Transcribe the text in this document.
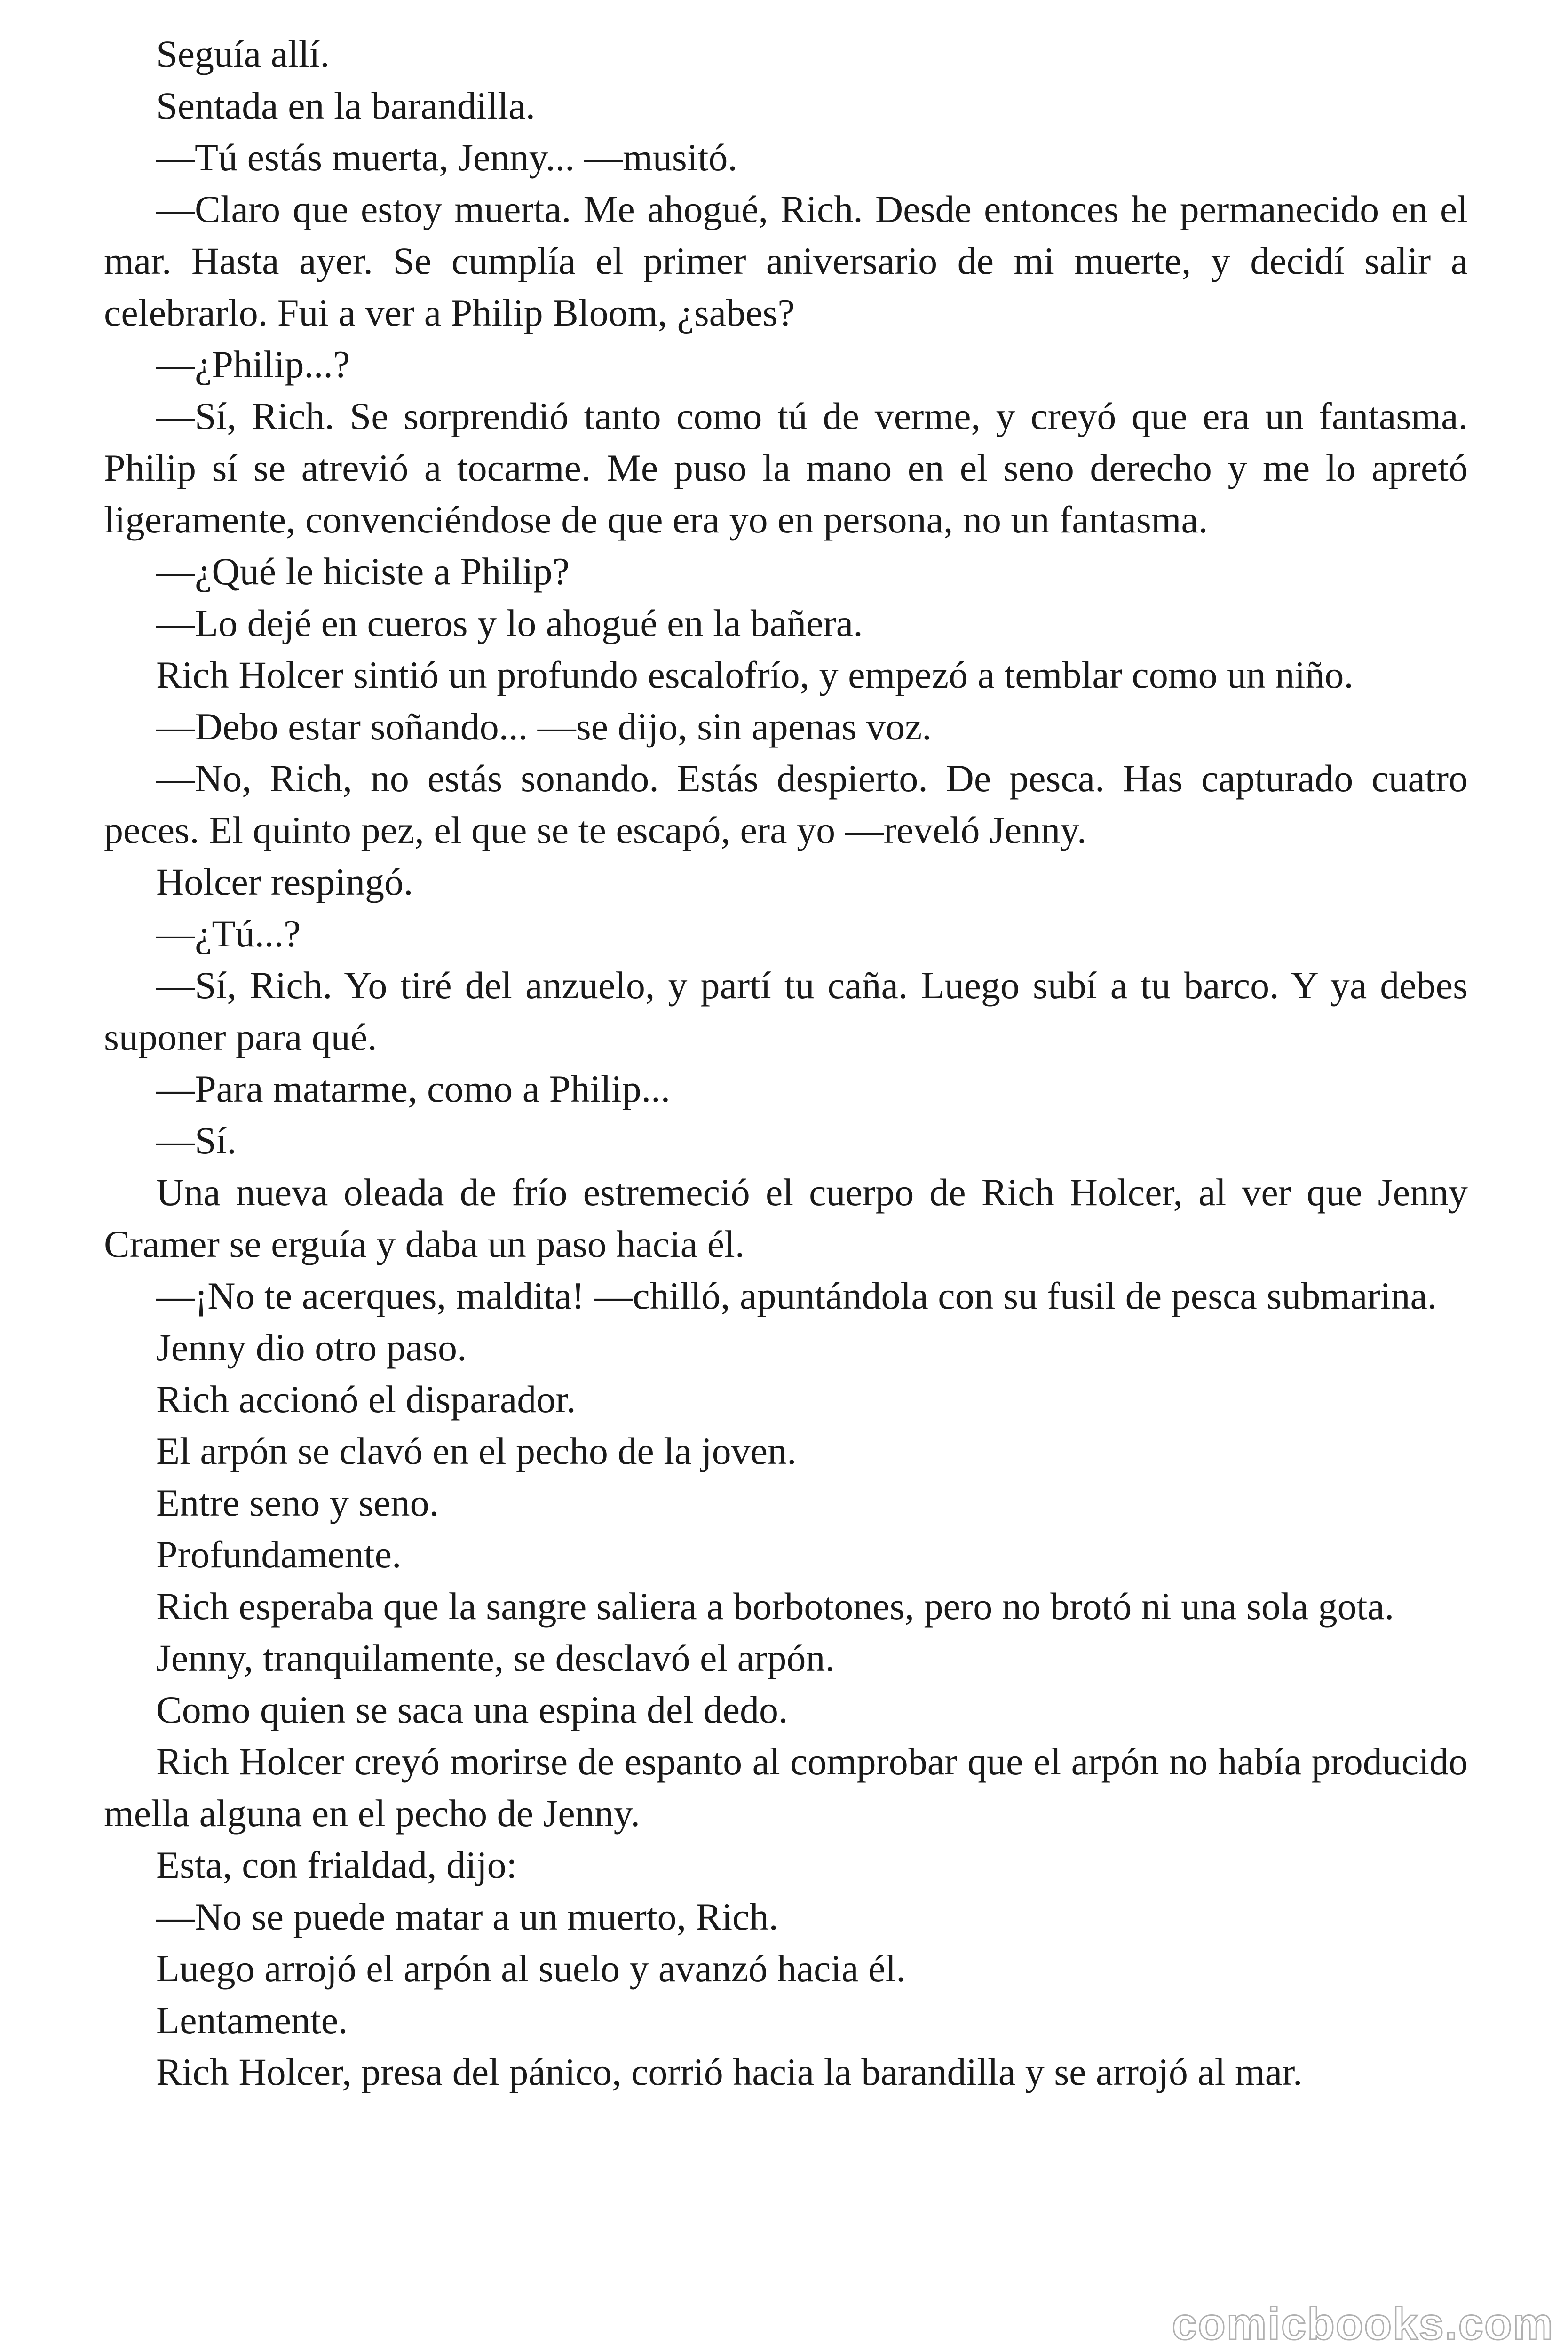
Seguía allí.

Sentada en la barandilla.

—Tú estás muerta, Jenny... —musitó.

—Claro que estoy muerta. Me ahogué, Rich. Desde entonces he permanecido en el mar. Hasta ayer. Se cumplía el primer aniversario de mi muerte, y decidí salir a celebrarlo. Fui a ver a Philip Bloom, ¿sabes?

—¿Philip...?

—Sí, Rich. Se sorprendió tanto como tú de verme, y creyó que era un fantasma. Philip sí se atrevió a tocarme. Me puso la mano en el seno derecho y me lo apretó ligeramente, convenciéndose de que era yo en persona, no un fantasma.

—¿Qué le hiciste a Philip?

—Lo dejé en cueros y lo ahogué en la bañera.

Rich Holcer sintió un profundo escalofrío, y empezó a temblar como un niño.

—Debo estar soñando... —se dijo, sin apenas voz.

—No, Rich, no estás sonando. Estás despierto. De pesca. Has capturado cuatro peces. El quinto pez, el que se te escapó, era yo —reveló Jenny.

Holcer respingó.

—¿Tú...?

—Sí, Rich. Yo tiré del anzuelo, y partí tu caña. Luego subí a tu barco. Y ya debes suponer para qué.

—Para matarme, como a Philip...

—Sí.

Una nueva oleada de frío estremeció el cuerpo de Rich Holcer, al ver que Jenny Cramer se erguía y daba un paso hacia él.

—¡No te acerques, maldita! —chilló, apuntándola con su fusil de pesca submarina.

Jenny dio otro paso.

Rich accionó el disparador.

El arpón se clavó en el pecho de la joven.

Entre seno y seno.

Profundamente.

Rich esperaba que la sangre saliera a borbotones, pero no brotó ni una sola gota.

Jenny, tranquilamente, se desclavó el arpón.

Como quien se saca una espina del dedo.

Rich Holcer creyó morirse de espanto al comprobar que el arpón no había producido mella alguna en el pecho de Jenny.

Esta, con frialdad, dijo:

—No se puede matar a un muerto, Rich.

Luego arrojó el arpón al suelo y avanzó hacia él.

Lentamente.

Rich Holcer, presa del pánico, corrió hacia la barandilla y se arrojó al mar.

comicbooks.com
